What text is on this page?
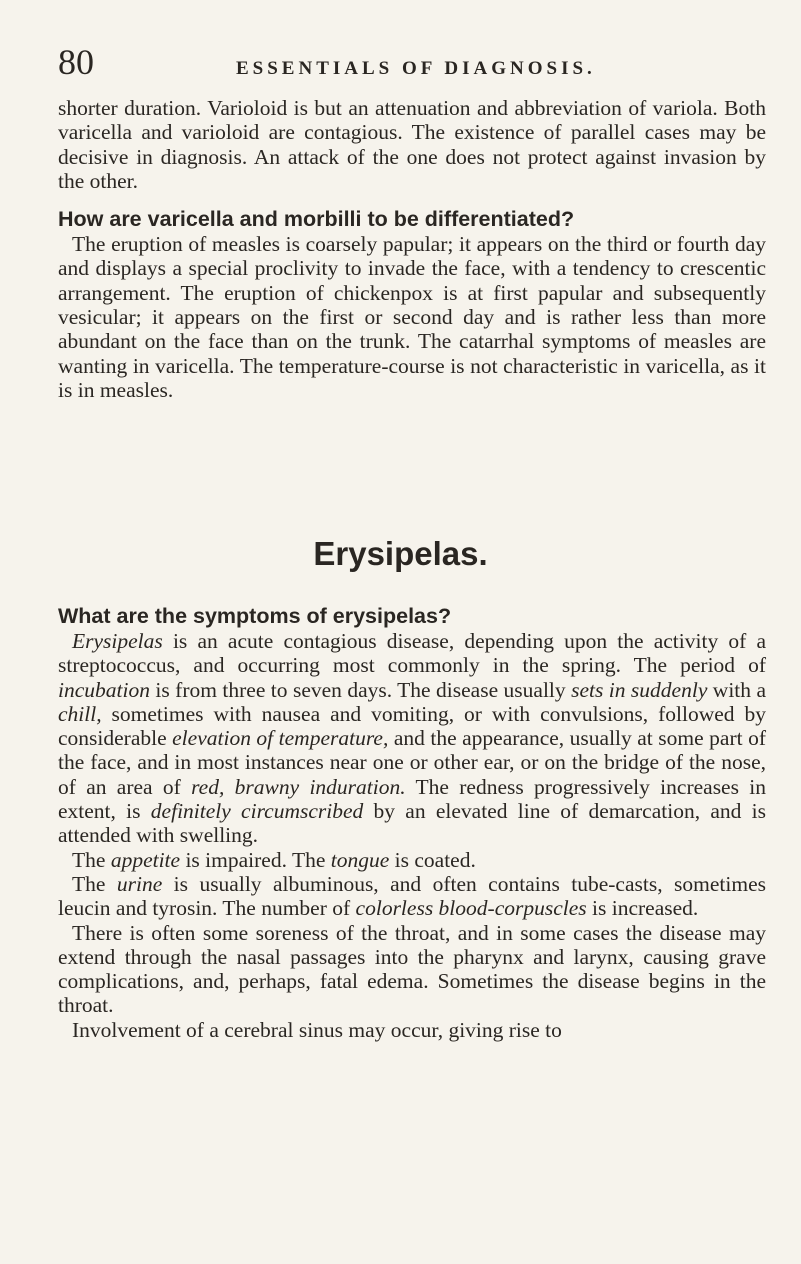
80	ESSENTIALS OF DIAGNOSIS.

shorter duration. Varioloid is but an attenuation and abbreviation of variola. Both varicella and varioloid are contagious. The existence of parallel cases may be decisive in diagnosis. An attack of the one does not protect against invasion by the other.

How are varicella and morbilli to be differentiated?

The eruption of measles is coarsely papular; it appears on the third or fourth day and displays a special proclivity to invade the face, with a tendency to crescentic arrangement. The eruption of chickenpox is at first papular and subsequently vesicular; it appears on the first or second day and is rather less than more abundant on the face than on the trunk. The catarrhal symptoms of measles are wanting in varicella. The temperature-course is not characteristic in varicella, as it is in measles.

Erysipelas.

What are the symptoms of erysipelas?

Erysipelas is an acute contagious disease, depending upon the activity of a streptococcus, and occurring most commonly in the spring. The period of incubation is from three to seven days. The disease usually sets in suddenly with a chill, sometimes with nausea and vomiting, or with convulsions, followed by considerable elevation of temperature, and the appearance, usually at some part of the face, and in most instances near one or other ear, or on the bridge of the nose, of an area of red, brawny induration. The redness progressively increases in extent, is definitely circumscribed by an elevated line of demarcation, and is attended with swelling.

The appetite is impaired. The tongue is coated.

The urine is usually albuminous, and often contains tube-casts, sometimes leucin and tyrosin. The number of colorless blood-corpuscles is increased.

There is often some soreness of the throat, and in some cases the disease may extend through the nasal passages into the pharynx and larynx, causing grave complications, and, perhaps, fatal edema. Sometimes the disease begins in the throat.

Involvement of a cerebral sinus may occur, giving rise to
